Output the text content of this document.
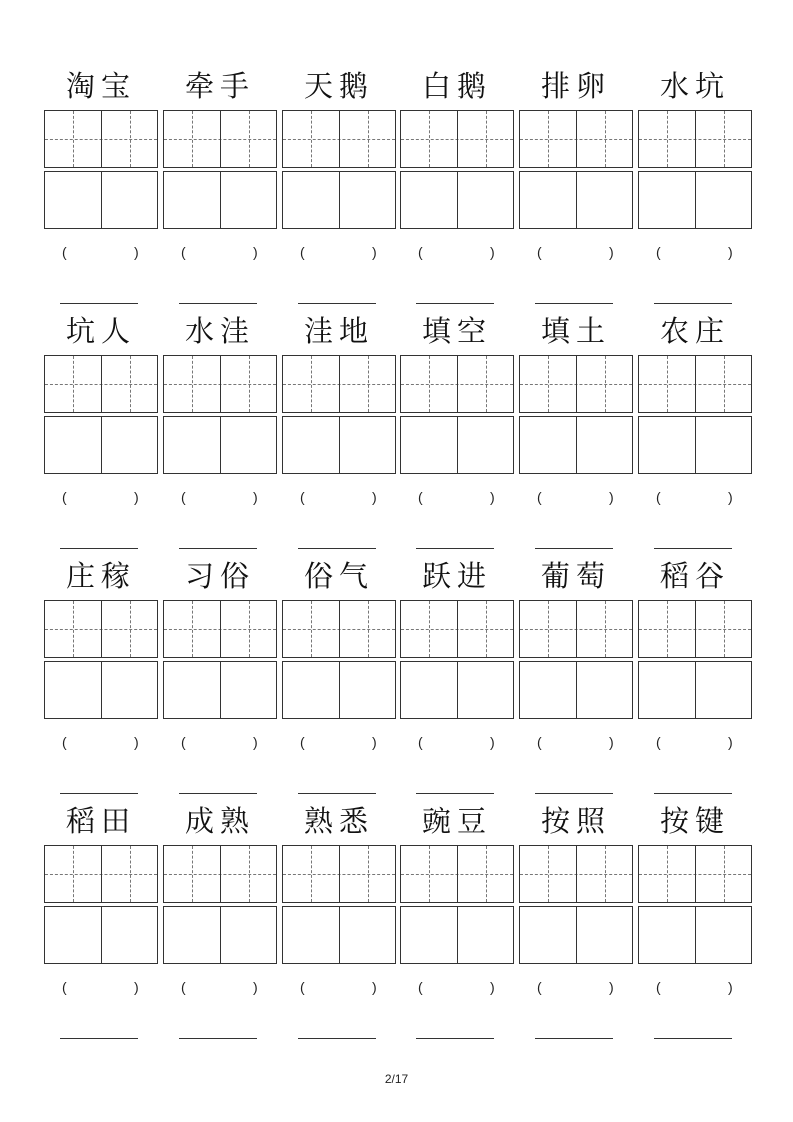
淘宝
(	)
牵手
(	)
天鹅
(	)
白鹅
(	)
排卵
(	)
水坑
(	)
坑人
(	)
水洼
(	)
洼地
(	)
填空
(	)
填土
(	)
农庄
(	)
庄稼
(	)
习俗
(	)
俗气
(	)
跃进
(	)
葡萄
(	)
稻谷
(	)
稻田
(	)
成熟
(	)
熟悉
(	)
豌豆
(	)
按照
(	)
按键
(	)
2/17
